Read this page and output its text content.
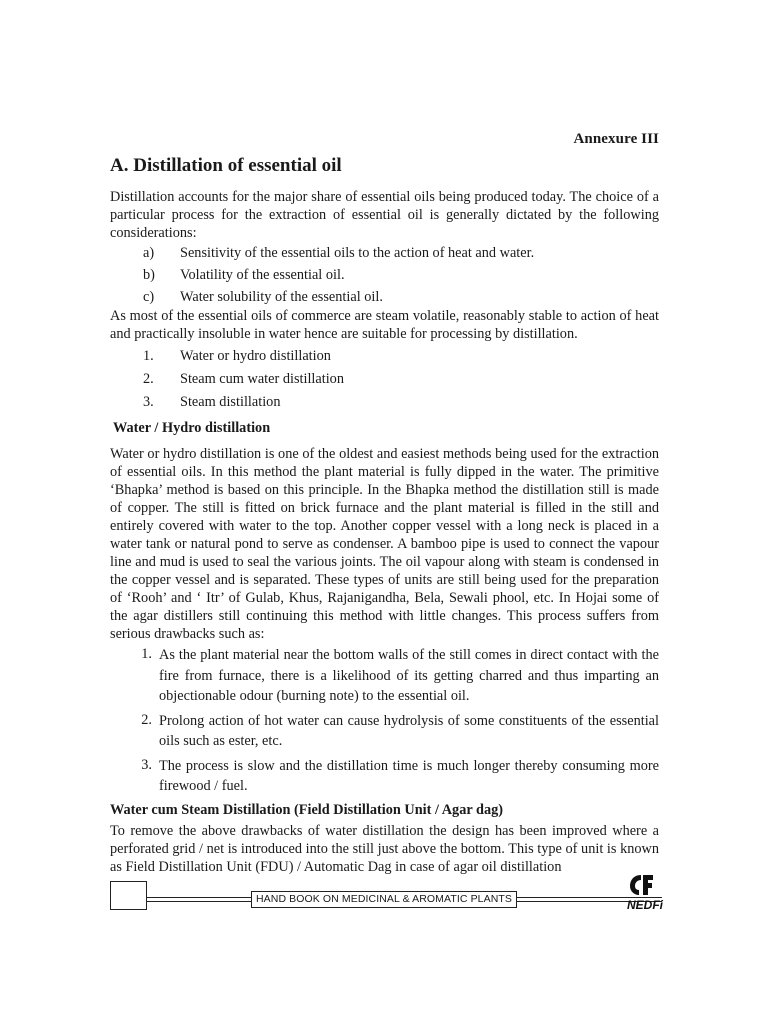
Annexure III
A. Distillation of essential oil

Distillation accounts for the major share of essential oils being produced today. The choice of a particular process for the extraction of essential oil is generally dictated by the following considerations:

a)	Sensitivity of the essential oils to the action of heat and water.
b)	Volatility of the essential oil.
c)	Water solubility of the essential oil.

As most of the essential oils of commerce are steam volatile, reasonably stable to action of heat and practically insoluble in water hence are suitable for processing by distillation.

1.	Water or hydro distillation
2.	Steam cum water distillation
3.	Steam distillation
Water / Hydro distillation

Water or hydro distillation is one of the oldest and easiest methods being used for the extraction of essential oils. In this method the plant material is fully dipped in the water. The primitive ‘Bhapka’ method is based on this principle. In the Bhapka method the distillation still is made of copper. The still is fitted on brick furnace and the plant material is filled in the still and entirely covered with water to the top. Another copper vessel with a long neck is placed in a water tank or natural pond to serve as condenser. A bamboo pipe is used to connect the vapour line and mud is used to seal the various joints. The oil vapour along with steam is condensed in the copper vessel and is separated. These types of units are still being used for the preparation of ‘Rooh’ and ‘ Itr’ of Gulab, Khus, Rajanigandha, Bela, Sewali phool, etc. In Hojai some of the agar distillers still continuing this method with little changes. This process suffers from serious drawbacks such as:

1. As the plant material near the bottom walls of the still comes in direct contact with the fire from furnace, there is a likelihood of its getting charred and thus imparting an objectionable odour (burning note) to the essential oil.
2. Prolong action of hot water can cause hydrolysis of some constituents of the essential oils such as ester, etc.
3. The process is slow and the distillation time is much longer thereby consuming more firewood / fuel.
Water cum Steam Distillation (Field Distillation Unit / Agar dag)

To remove the above drawbacks of water distillation the design has been improved where a perforated grid / net is introduced into the still just above the bottom. This type of unit is known as Field Distillation Unit (FDU) / Automatic Dag in case of agar oil distillation

HAND BOOK ON MEDICINAL & AROMATIC PLANTS	NEDFi
